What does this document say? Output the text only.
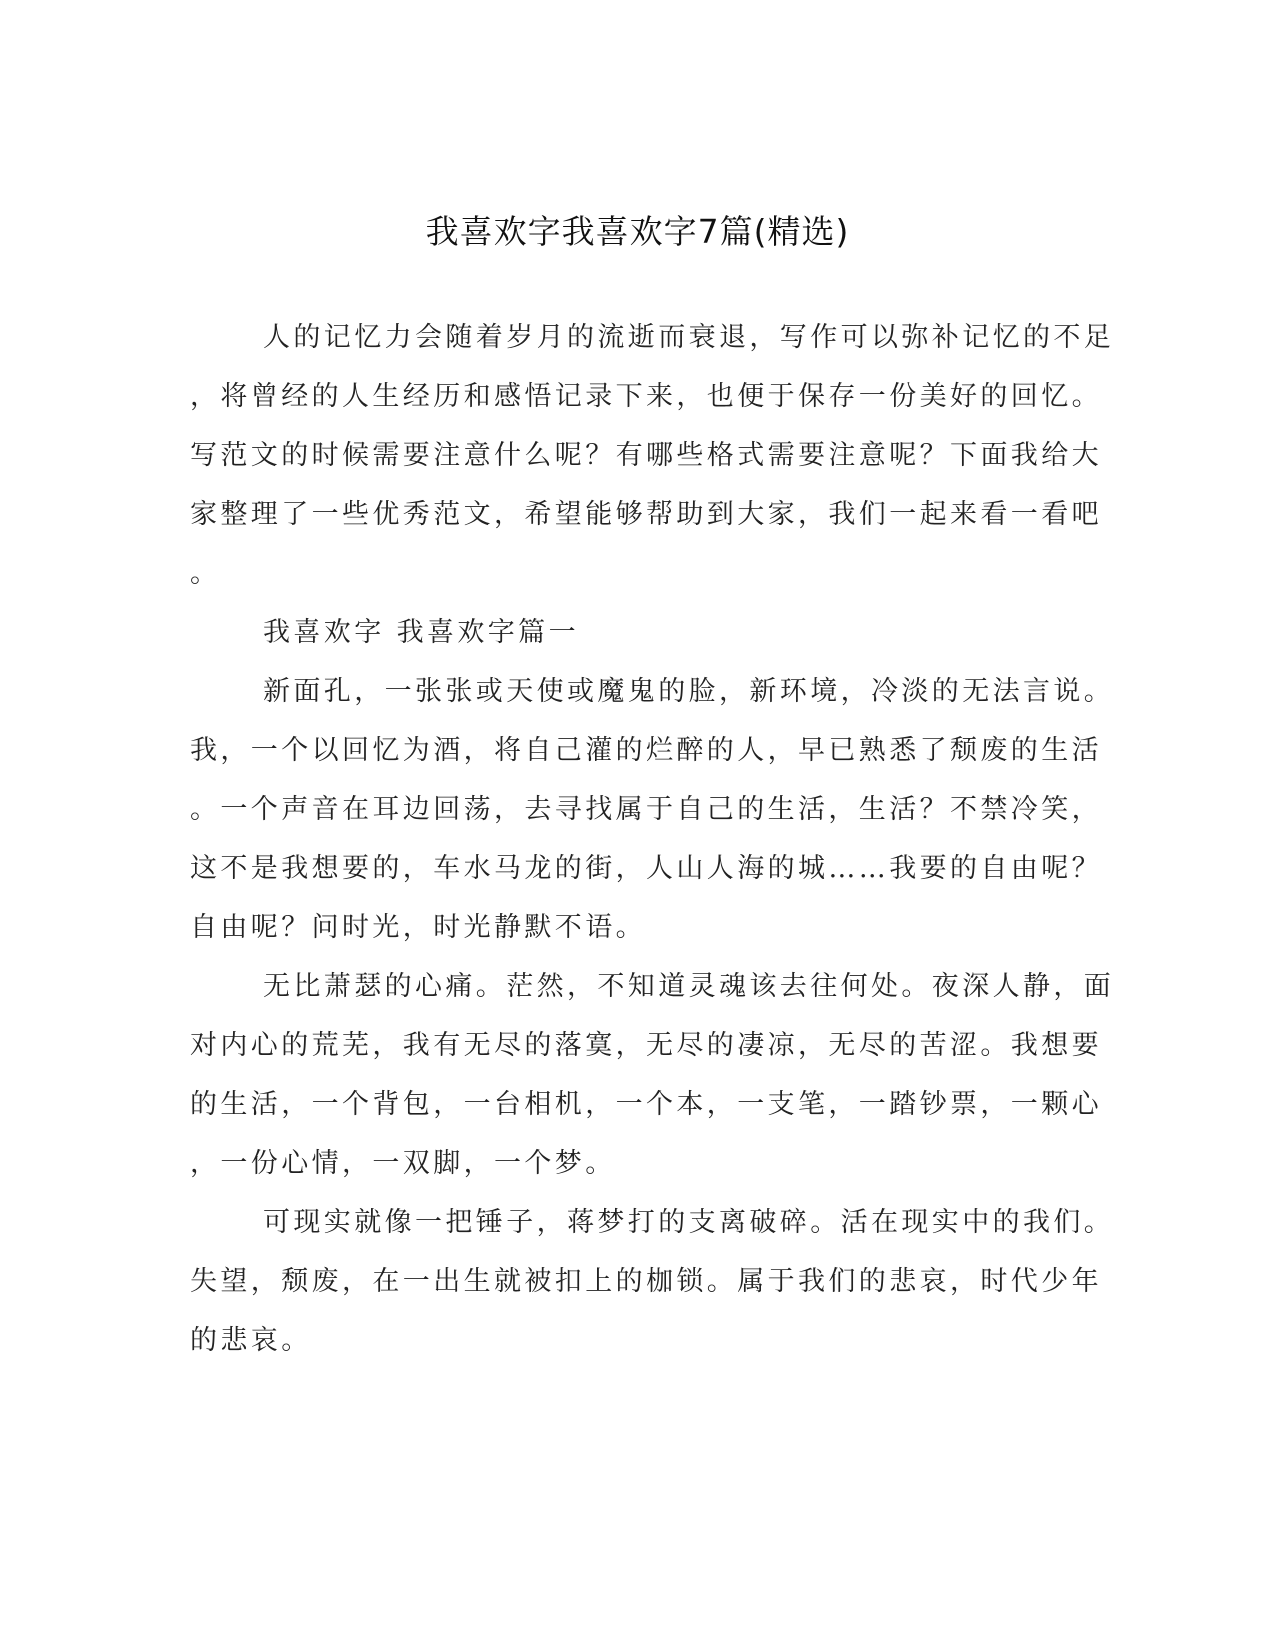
我喜欢字我喜欢字7篇(精选)
人的记忆力会随着岁月的流逝而衰退，写作可以弥补记忆的不足
，将曾经的人生经历和感悟记录下来，也便于保存一份美好的回忆。
写范文的时候需要注意什么呢？有哪些格式需要注意呢？下面我给大
家整理了一些优秀范文，希望能够帮助到大家，我们一起来看一看吧
。
我喜欢字 我喜欢字篇一
新面孔，一张张或天使或魔鬼的脸，新环境，冷淡的无法言说。
我，一个以回忆为酒，将自己灌的烂醉的人，早已熟悉了颓废的生活
。一个声音在耳边回荡，去寻找属于自己的生活，生活？不禁冷笑，
这不是我想要的，车水马龙的街，人山人海的城……我要的自由呢？
自由呢？问时光，时光静默不语。
无比萧瑟的心痛。茫然，不知道灵魂该去往何处。夜深人静，面
对内心的荒芜，我有无尽的落寞，无尽的凄凉，无尽的苦涩。我想要
的生活，一个背包，一台相机，一个本，一支笔，一踏钞票，一颗心
，一份心情，一双脚，一个梦。
可现实就像一把锤子，蒋梦打的支离破碎。活在现实中的我们。
失望，颓废，在一出生就被扣上的枷锁。属于我们的悲哀，时代少年
的悲哀。
